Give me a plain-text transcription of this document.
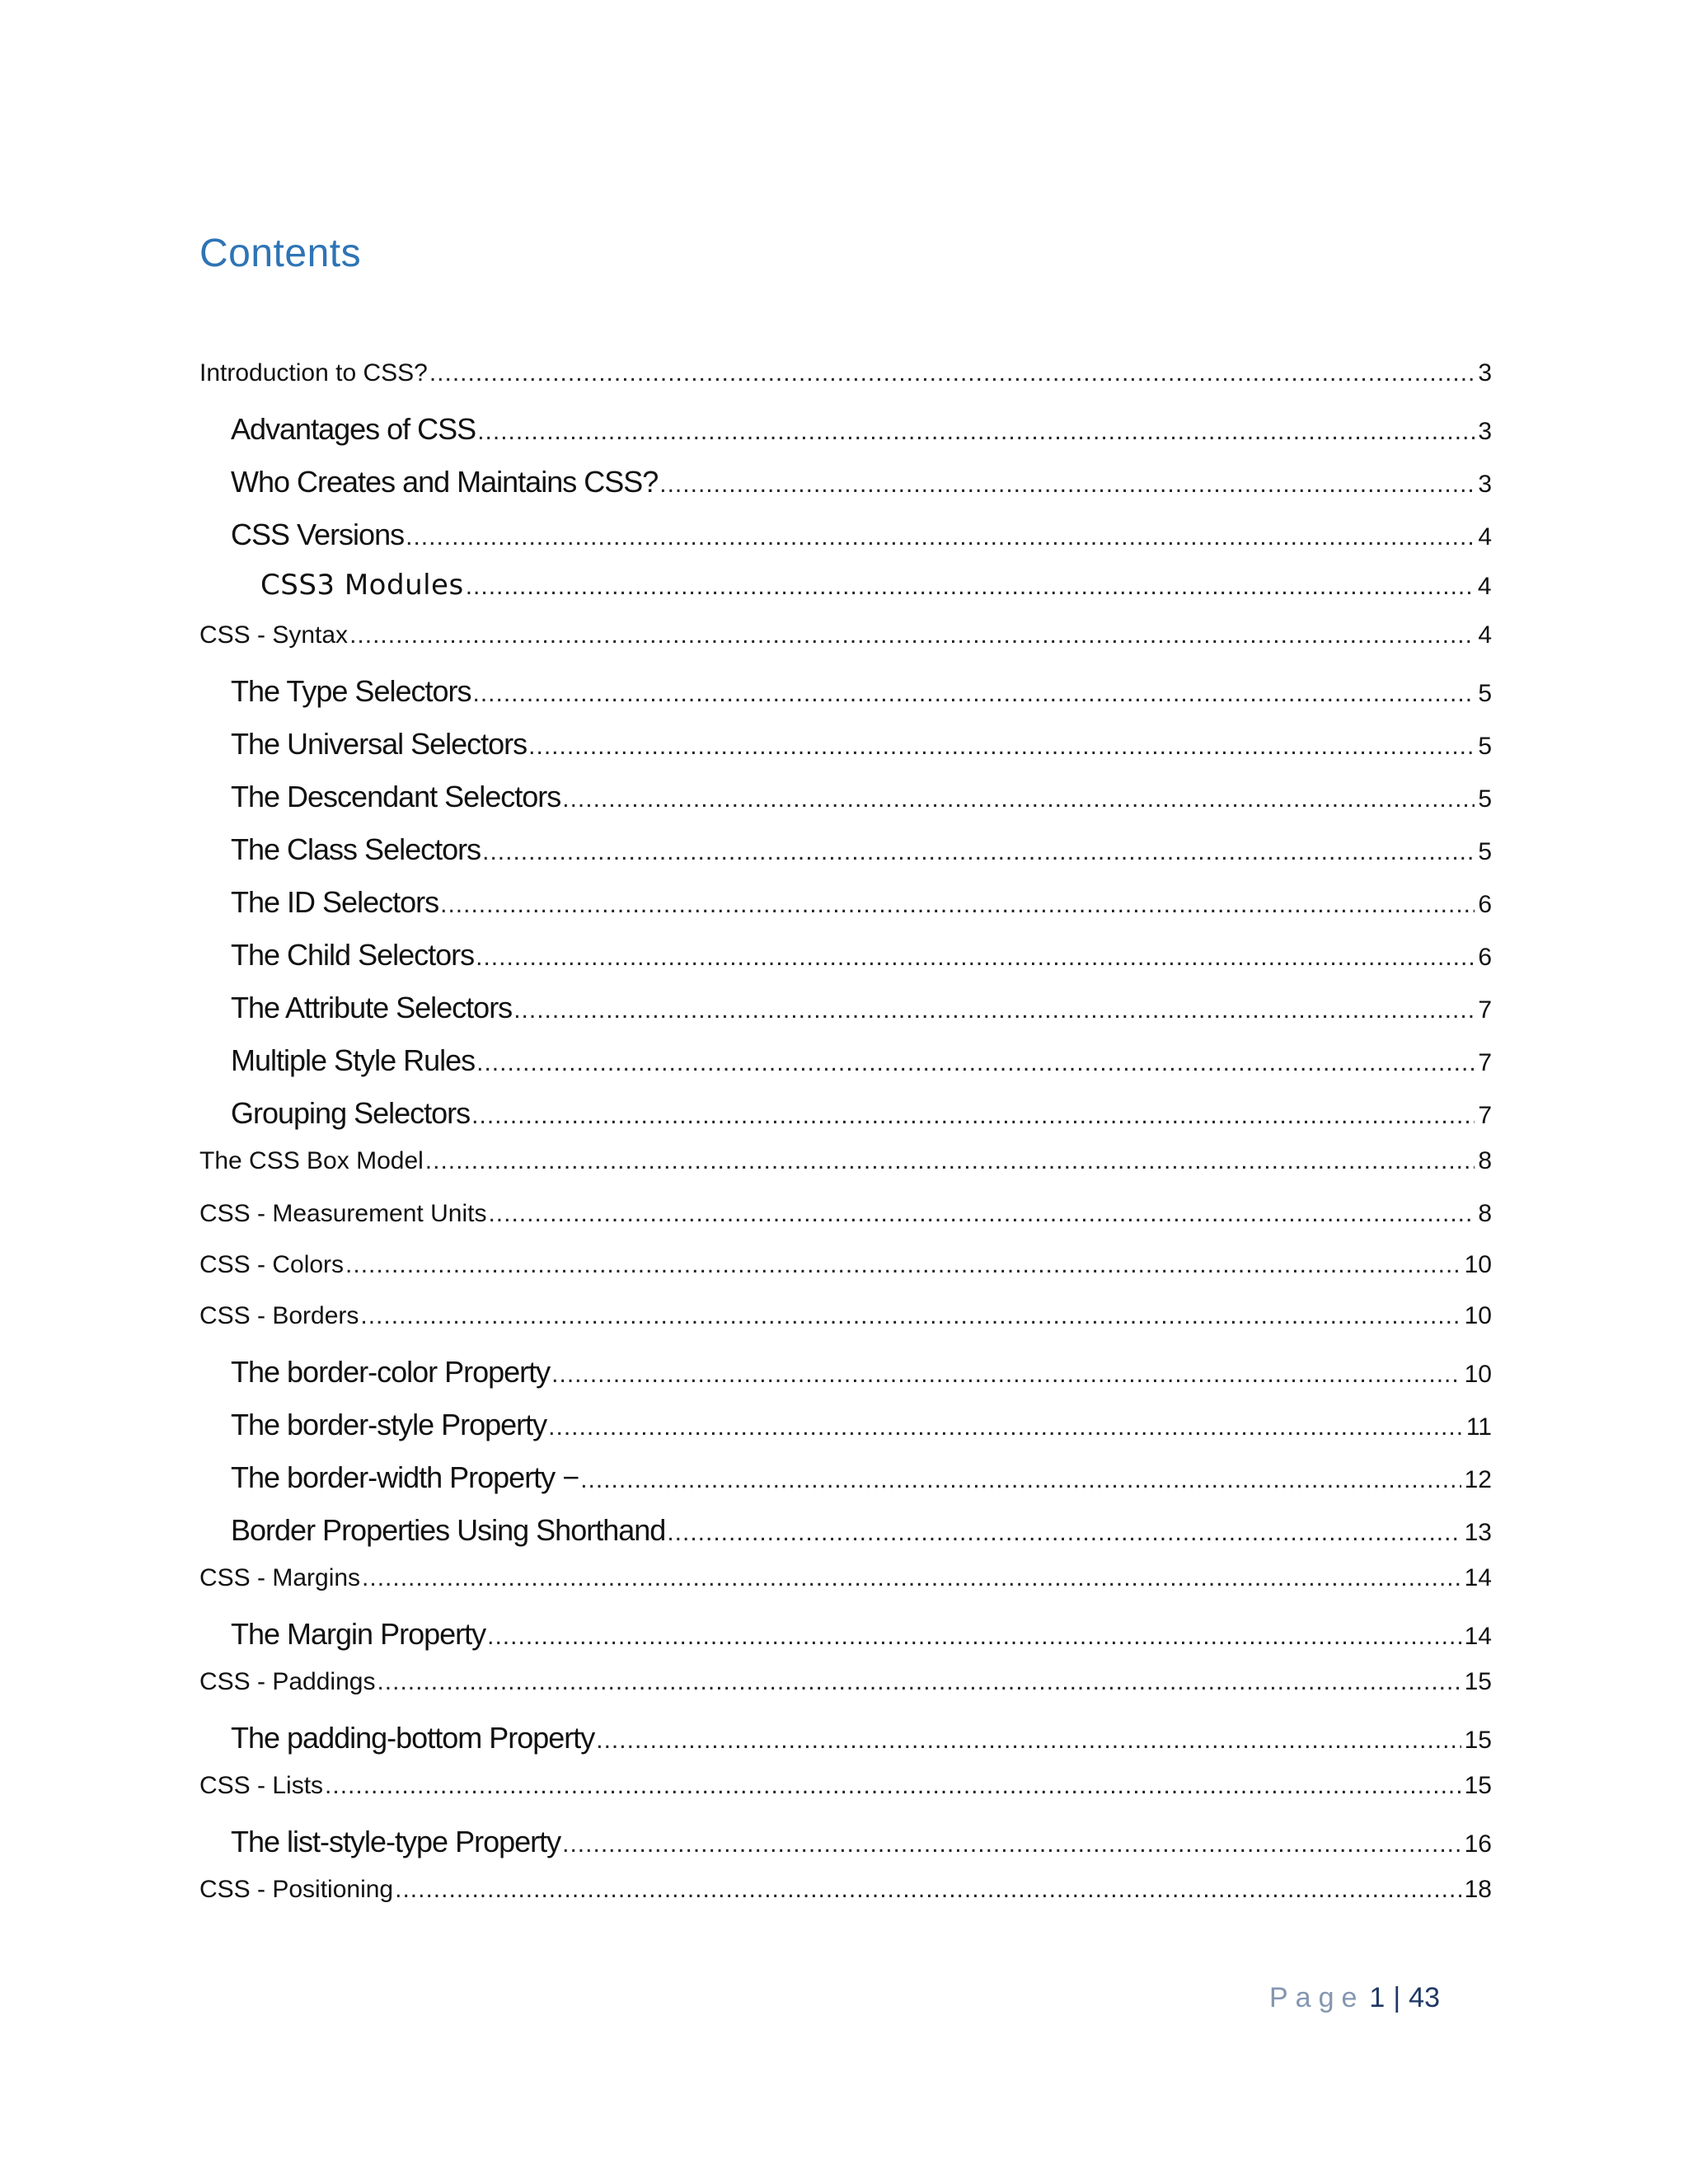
Contents
Introduction to CSS? .....	3
Advantages of CSS .....	3
Who Creates and Maintains CSS? .....	3
CSS Versions .....	4
CSS3 Modules .....	4
CSS - Syntax .....	4
The Type Selectors .....	5
The Universal Selectors .....	5
The Descendant Selectors .....	5
The Class Selectors .....	5
The ID Selectors .....	6
The Child Selectors .....	6
The Attribute Selectors .....	7
Multiple Style Rules .....	7
Grouping Selectors .....	7
The CSS Box Model .....	8
CSS - Measurement Units .....	8
CSS - Colors .....	10
CSS - Borders .....	10
The border-color Property .....	10
The border-style Property .....	11
The border-width Property − .....	12
Border Properties Using Shorthand .....	13
CSS - Margins .....	14
The Margin Property .....	14
CSS - Paddings .....	15
The padding-bottom Property .....	15
CSS - Lists .....	15
The list-style-type Property .....	16
CSS - Positioning .....	18
Page 1 | 43
